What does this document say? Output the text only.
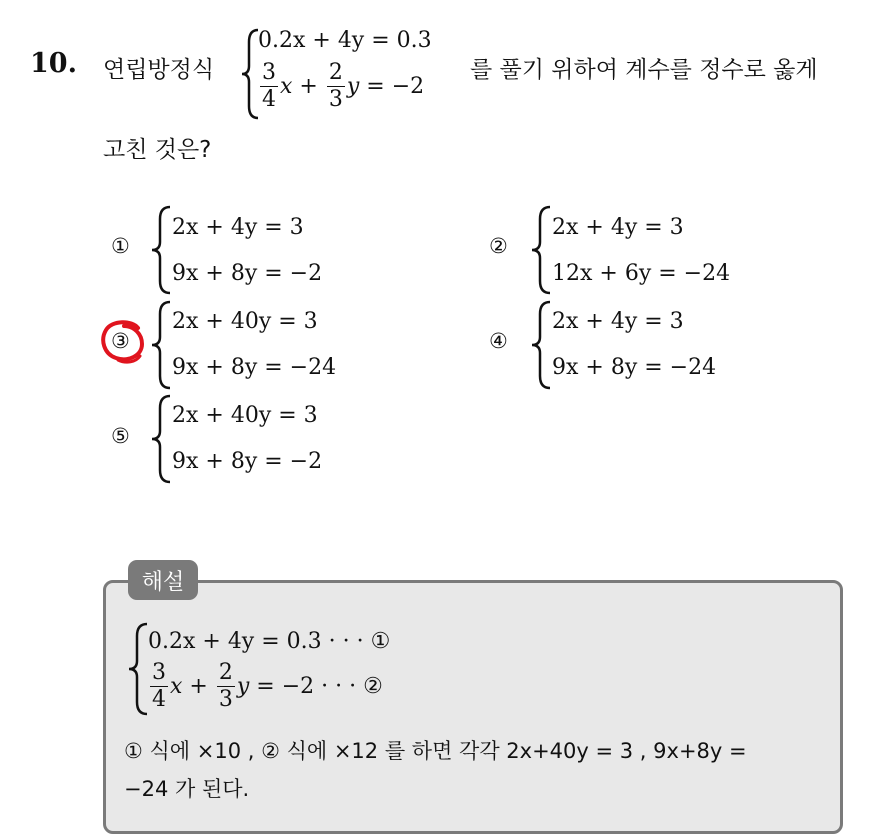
10. 연립방정식
0.2x + 4y = 0.3
$\frac{3}{4}$ $x + \frac{2}{3}$ y
= −2
를 풀기 위하여 계수를 정수로 옳게
고친 것은?
①
2x + 4y = 3
9x + 8y = −2
②
2x + 4y = 3
12x + 6y = −24
③
2x + 40y = 3
9x + 8y = −24
④
2x + 4y = 3
9x + 8y = −24
⑤
2x + 40y = 3
9x + 8y = −2
해설
0.2x + 4y = 0.3 · · · ①
$\frac{3}{4}$ $x + \frac{2}{3}$ y
= −2 · · · ②
① 식에 ×10 , ② 식에 ×12 를 하면 각각 2x+40y = 3 , 9x+8y =
−24 가 된다.
